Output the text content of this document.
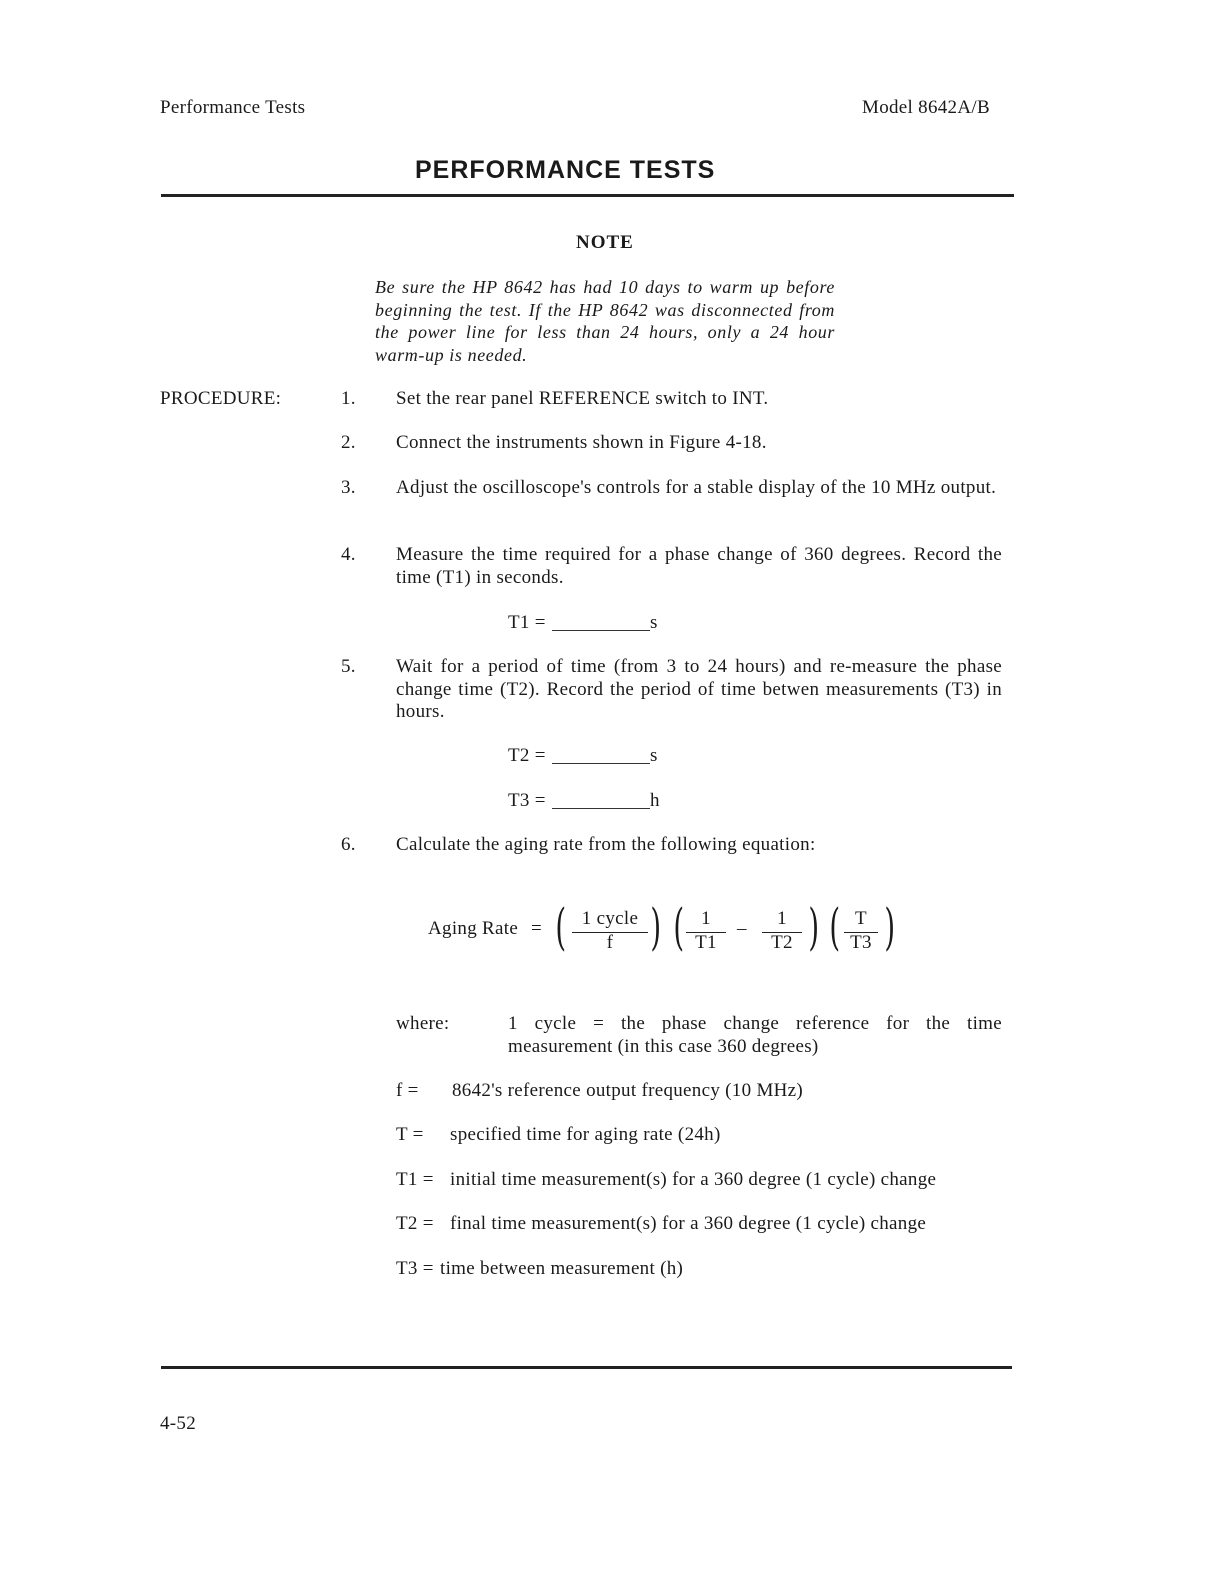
Performance Tests	Model 8642A/B
PERFORMANCE TESTS
NOTE
Be sure the HP 8642 has had 10 days to warm up before beginning the test. If the HP 8642 was disconnected from the power line for less than 24 hours, only a 24 hour warm-up is needed.
PROCEDURE:	1. Set the rear panel REFERENCE switch to INT.
2. Connect the instruments shown in Figure 4-18.
3. Adjust the oscilloscope's controls for a stable display of the 10 MHz output.
4. Measure the time required for a phase change of 360 degrees. Record the time (T1) in seconds.
T1 =	s
5. Wait for a period of time (from 3 to 24 hours) and re-measure the phase change time (T2). Record the period of time betwen measurements (T3) in hours.
T2 =	s
T3 =	h
6. Calculate the aging rate from the following equation:
Aging Rate = ( 1 cycle
f ) ( 1
T1
–	1
T2 ) ( T
T3 )
where:	1 cycle = the phase change reference for the time measurement (in this case 360 degrees)
f = 8642's reference output frequency (10 MHz)
T = specified time for aging rate (24h)
T1 = initial time measurement(s) for a 360 degree (1 cycle) change
T2 = final time measurement(s) for a 360 degree (1 cycle) change
T3 = time between measurement (h)
4-52
